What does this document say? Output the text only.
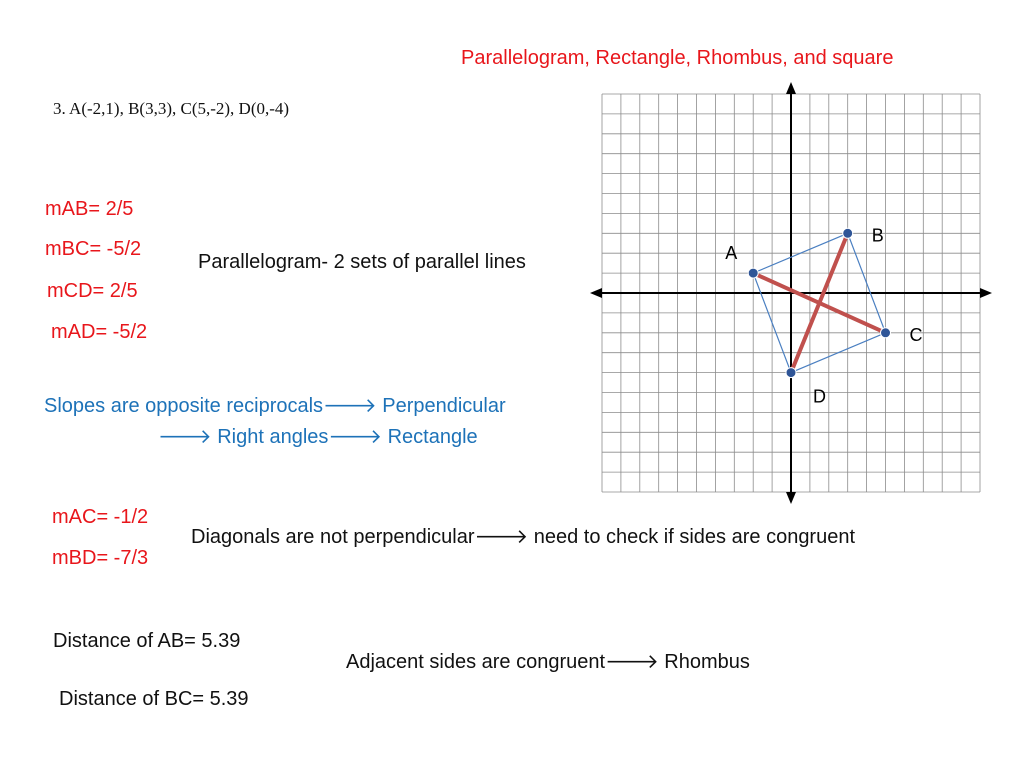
Parallelogram, Rectangle, Rhombus, and square
3. A(-2,1), B(3,3), C(5,-2), D(0,-4)
mAB= 2/5
mBC= -5/2
mCD= 2/5
mAD= -5/2
Parallelogram- 2 sets of parallel lines
Slopes are opposite reciprocals🡒 Perpendicular
🡒 Right angles🡒 Rectangle
mAC= -1/2
mBD= -7/3
Diagonals are not perpendicular🡒 need to check if sides are congruent
Distance of AB= 5.39
Distance of BC= 5.39
Adjacent sides are congruent🡒 Rhombus
A
B
C
D
